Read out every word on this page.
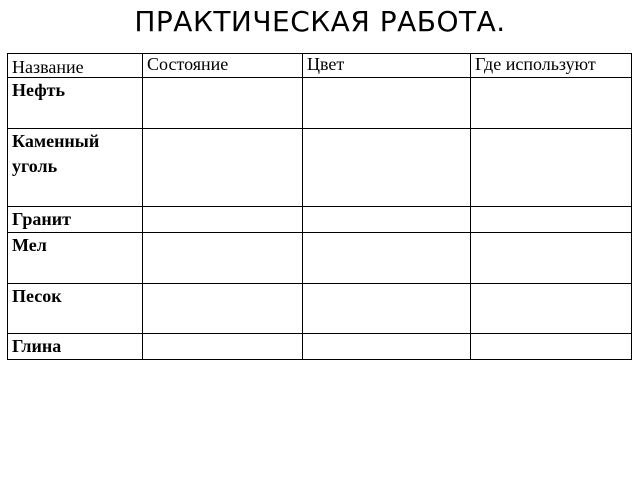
ПРАКТИЧЕСКАЯ РАБОТА.
Название	Состояние	Цвет	Где используют
Нефть			
Каменный уголь			
Гранит			
Мел			
Песок			
Глина			
